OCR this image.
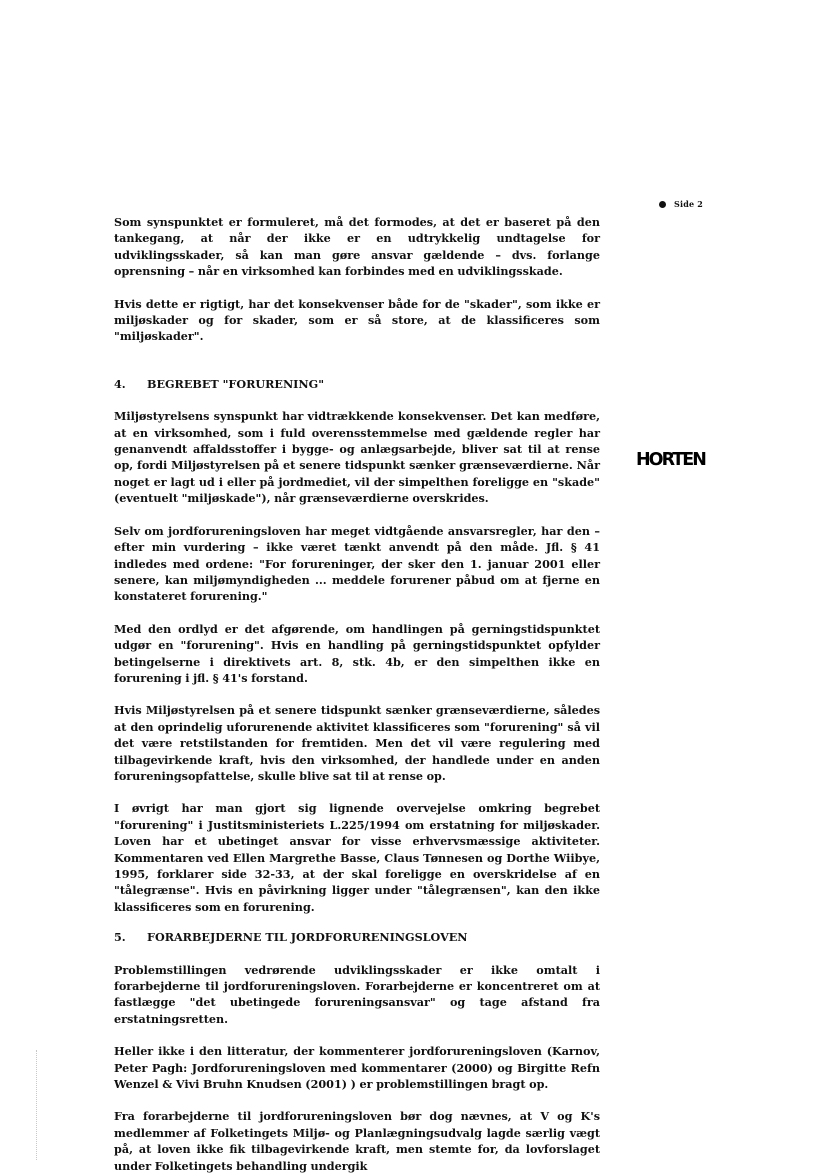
Side 2
HORTEN

Som synspunktet er formuleret, må det formodes, at det er baseret på den tankegang, at når der ikke er en udtrykkelig undtagelse for udviklingsskader, så kan man gøre ansvar gældende – dvs. forlange oprensning – når en virksomhed kan forbindes med en udviklingsskade.

Hvis dette er rigtigt, har det konsekvenser både for de "skader", som ikke er miljøskader og for skader, som er så store, at de klassificeres som "miljøskader".

4.	BEGREBET "FORURENING"

Miljøstyrelsens synspunkt har vidtrækkende konsekvenser. Det kan medføre, at en virksomhed, som i fuld overensstemmelse med gældende regler har genanvendt affaldsstoffer i bygge- og anlægsarbejde, bliver sat til at rense op, fordi Miljøstyrelsen på et senere tidspunkt sænker grænseværdierne. Når noget er lagt ud i eller på jordmediet, vil der simpelthen foreligge en "skade" (eventuelt "miljøskade"), når grænseværdierne overskrides.

Selv om jordforureningsloven har meget vidtgående ansvarsregler, har den – efter min vurdering – ikke været tænkt anvendt på den måde. Jfl. § 41 indledes med ordene: "For forureninger, der sker den 1. januar 2001 eller senere, kan miljømyndigheden ... meddele forurener påbud om at fjerne en konstateret forurening."

Med den ordlyd er det afgørende, om handlingen på gerningstidspunktet udgør en "forurening". Hvis en handling på gerningstidspunktet opfylder betingelserne i direktivets art. 8, stk. 4b, er den simpelthen ikke en forurening i jfl. § 41's forstand.

Hvis Miljøstyrelsen på et senere tidspunkt sænker grænseværdierne, således at den oprindelig uforurenende aktivitet klassificeres som "forurening" så vil det være retstilstanden for fremtiden. Men det vil være regulering med tilbagevirkende kraft, hvis den virksomhed, der handlede under en anden forureningsopfattelse, skulle blive sat til at rense op.

I øvrigt har man gjort sig lignende overvejelse omkring begrebet "forurening" i Justitsministeriets L.225/1994 om erstatning for miljøskader. Loven har et ubetinget ansvar for visse erhvervsmæssige aktiviteter. Kommentaren ved Ellen Margrethe Basse, Claus Tønnesen og Dorthe Wiibye, 1995, forklarer side 32-33, at der skal foreligge en overskridelse af en "tålegrænse". Hvis en påvirkning ligger under "tålegrænsen", kan den ikke klassificeres som en forurening.

5.	FORARBEJDERNE TIL JORDFORURENINGSLOVEN

Problemstillingen vedrørende udviklingsskader er ikke omtalt i forarbejderne til jordforureningsloven. Forarbejderne er koncentreret om at fastlægge "det ubetingede forureningsansvar" og tage afstand fra erstatningsretten.

Heller ikke i den litteratur, der kommenterer jordforureningsloven (Karnov, Peter Pagh: Jordforureningsloven med kommentarer (2000) og Birgitte Refn Wenzel & Vivi Bruhn Knudsen (2001) ) er problemstillingen bragt op.

Fra forarbejderne til jordforureningsloven bør dog nævnes, at V og K's medlemmer af Folketingets Miljø- og Planlægningsudvalg lagde særlig vægt på, at loven ikke fik tilbagevirkende kraft, men stemte for, da lovforslaget under Folketingets behandling undergik
